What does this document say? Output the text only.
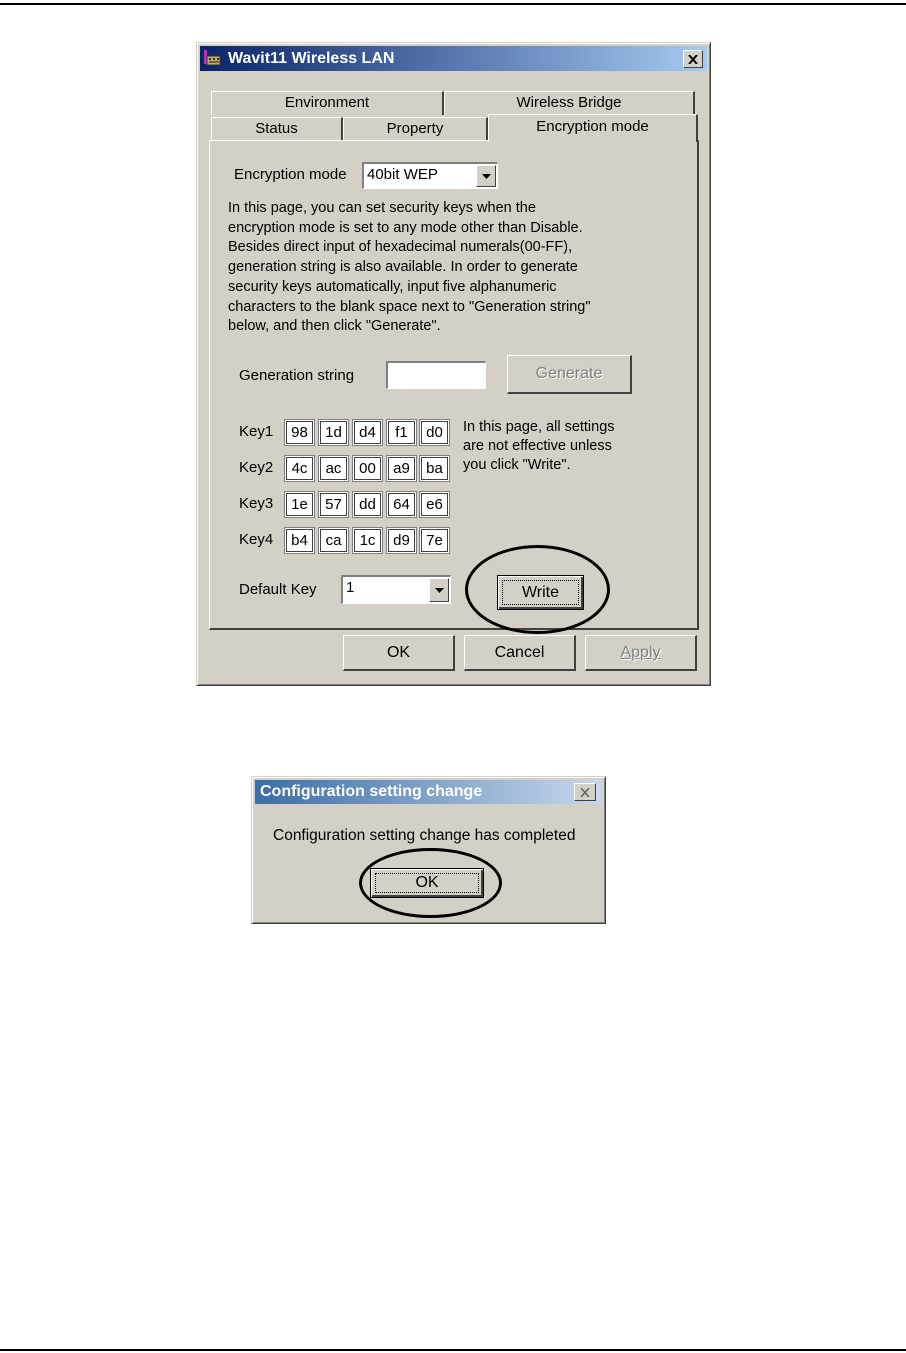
Wavit11 Wireless LAN
Environment	Wireless Bridge
Status	Property	Encryption mode
Encryption mode	40bit WEP
In this page, you can set security keys when the
encryption mode is set to any mode other than Disable.
Besides direct input of hexadecimal numerals(00-FF),
generation string is also available. In order to generate
security keys automatically, input five alphanumeric
characters to the blank space next to "Generation string"
below, and then click "Generate".
Generation string	Generate
Key1	98	1d	d4	f1	d0
Key2	4c	ac	00	a9	ba
Key3	1e	57	dd	64	e6
Key4	b4	ca	1c	d9	7e
In this page, all settings
are not effective unless
you click "Write".
Default Key	1	Write
OK	Cancel	Apply
Configuration setting change
Configuration setting change has completed
OK
